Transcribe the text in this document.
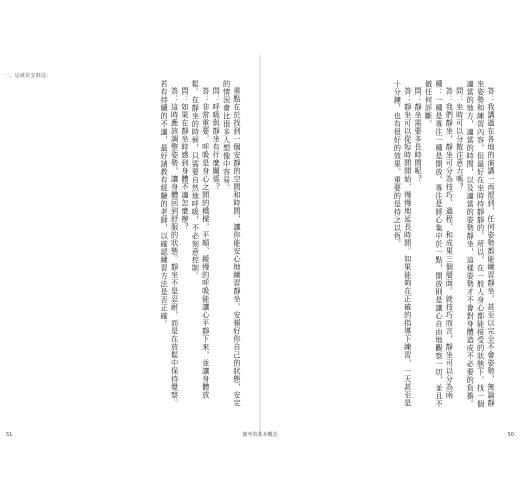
重點在於找到一個安靜的空間和時間，讓你能安心地練習靜坐。安頓好你自己的狀態，安定的情況會比很多人想像中容易。

問：呼吸與靜坐有什麼關係？

答：非常重要。呼吸是身心之間的橋樑，平順、緩慢的呼吸能讓心平靜下來，並讓身體放鬆。在靜坐的時候，只需要自然地呼吸，不必刻意控制。

問：如果在靜坐時感到身體不適怎麼辦？

答：這時應該調整姿勢，讓身體回到舒服的狀態。靜坐不是忍耐，而是在放鬆中保持覺察。若有持續的不適，最好請教有經驗的老師，以確認練習方法是否正確。	答：我講過在各地的演講一再提到，任何姿勢都能練習靜坐。甚至以完全不會姿勢，無論靜坐姿勢和練習內容，但最好在坐時持靜靜的。所以，在一般人身心都能接受的狀態下，找一個適當的地方，適當的時間，以及適當的姿勢靜坐，這樣姿勢才不會對身體造成不必要的負擔。

問：坐時可以分散注意力嗎？

答：我們靜坐，靜坐可分為技巧、過程、和成果三個層面。就技巧而言，靜坐可以分為兩種：一種是專注一種是開放。專注是將心集中於一點，開放則是讓心自由地觀察一切，並且不做任何評斷。

問：靜坐需要多長時間呢？

答：靜坐可以從短時間開始，慢慢地延長時間。如果能夠在正確的指導下練習，一天甚至是十分鐘，也有很好的效果。重要的是持之以恆。

一、這就是安靜法：
51	靜坐的基本概念	50
